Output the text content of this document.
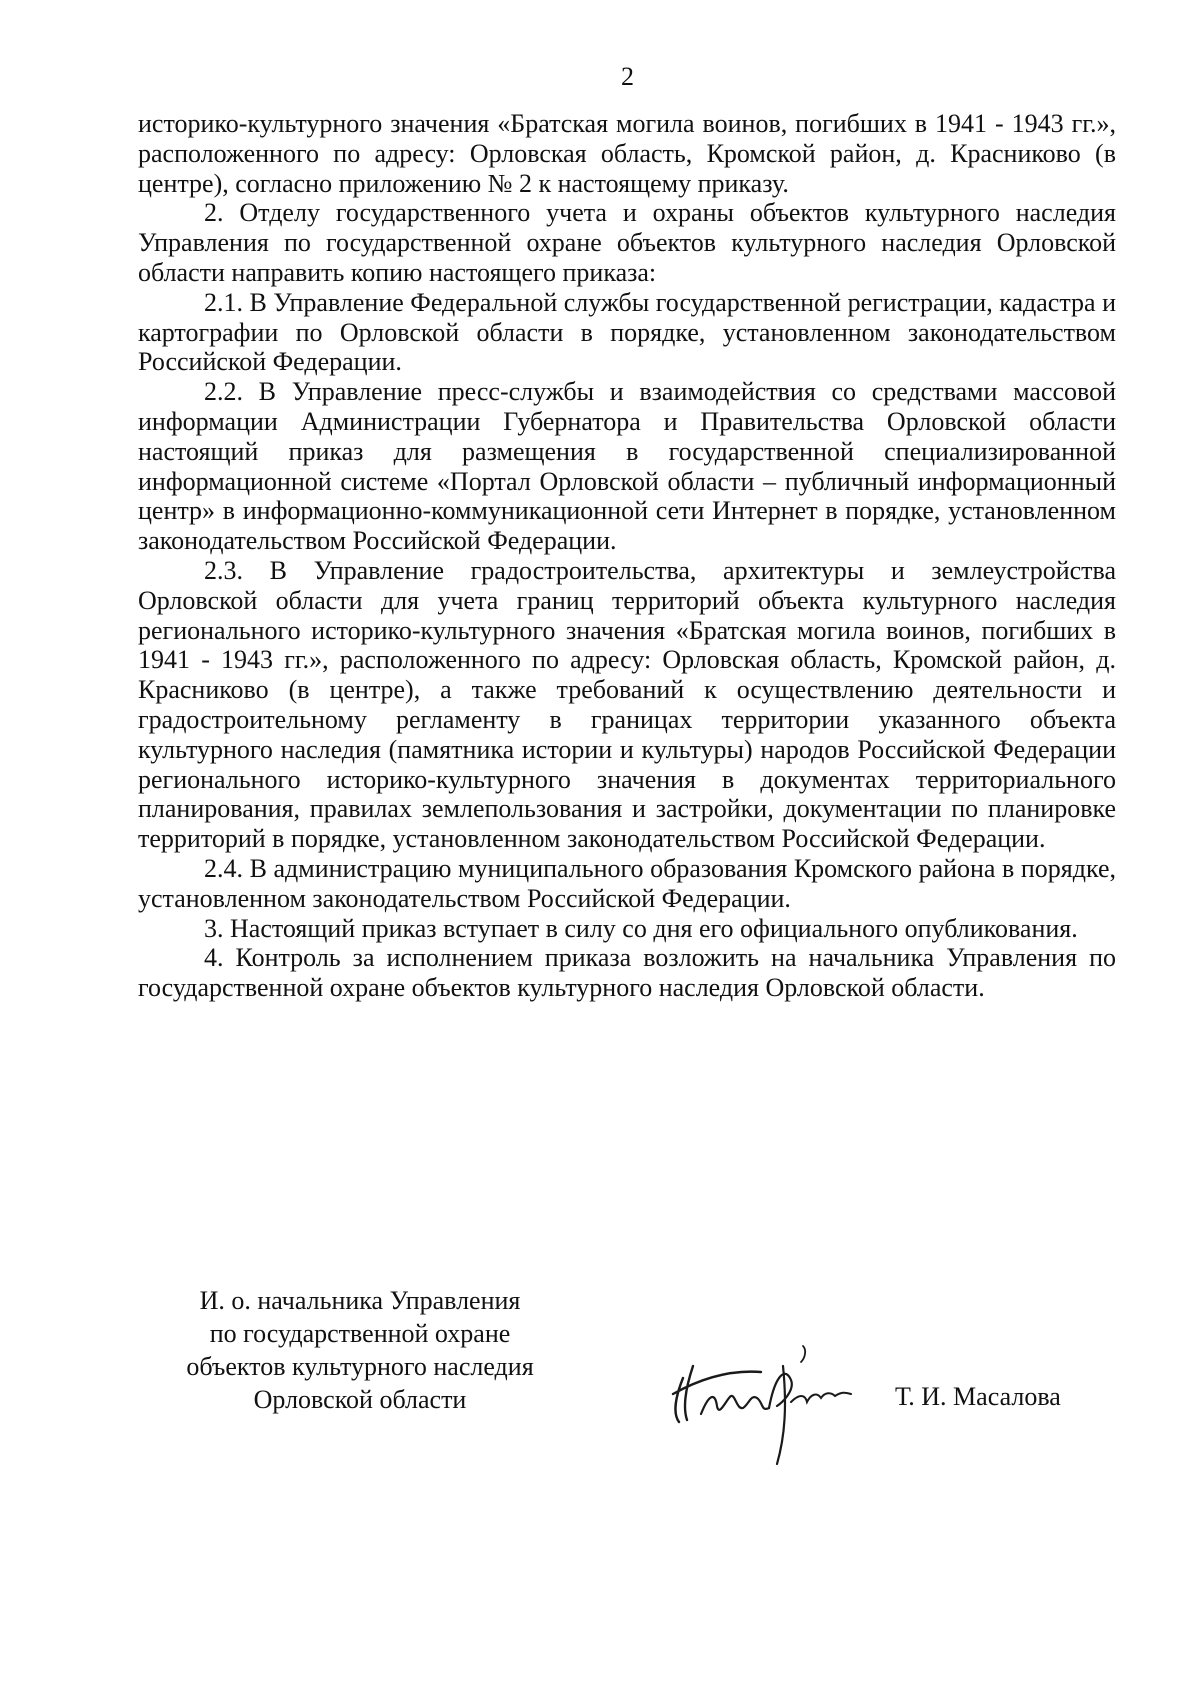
2

историко-культурного значения «Братская могила воинов, погибших в 1941 - 1943 гг.», расположенного по адресу: Орловская область, Кромской район, д. Красниково (в центре), согласно приложению № 2 к настоящему приказу.

2. Отделу государственного учета и охраны объектов культурного наследия Управления по государственной охране объектов культурного наследия Орловской области направить копию настоящего приказа:

2.1. В Управление Федеральной службы государственной регистрации, кадастра и картографии по Орловской области в порядке, установленном законодательством Российской Федерации.

2.2. В Управление пресс-службы и взаимодействия со средствами массовой информации Администрации Губернатора и Правительства Орловской области настоящий приказ для размещения в государственной специализированной информационной системе «Портал Орловской области – публичный информационный центр» в информационно-коммуникационной сети Интернет в порядке, установленном законодательством Российской Федерации.

2.3. В Управление градостроительства, архитектуры и землеустройства Орловской области для учета границ территорий объекта культурного наследия регионального историко-культурного значения «Братская могила воинов, погибших в 1941 - 1943 гг.», расположенного по адресу: Орловская область, Кромской район, д. Красниково (в центре), а также требований к осуществлению деятельности и градостроительному регламенту в границах территории указанного объекта культурного наследия (памятника истории и культуры) народов Российской Федерации регионального историко-культурного значения в документах территориального планирования, правилах землепользования и застройки, документации по планировке территорий в порядке, установленном законодательством Российской Федерации.

2.4. В администрацию муниципального образования Кромского района в порядке, установленном законодательством Российской Федерации.

3. Настоящий приказ вступает в силу со дня его официального опубликования.

4. Контроль за исполнением приказа возложить на начальника Управления по государственной охране объектов культурного наследия Орловской области.

И. о. начальника Управления
по государственной охране
объектов культурного наследия
Орловской области	Т. И. Масалова
